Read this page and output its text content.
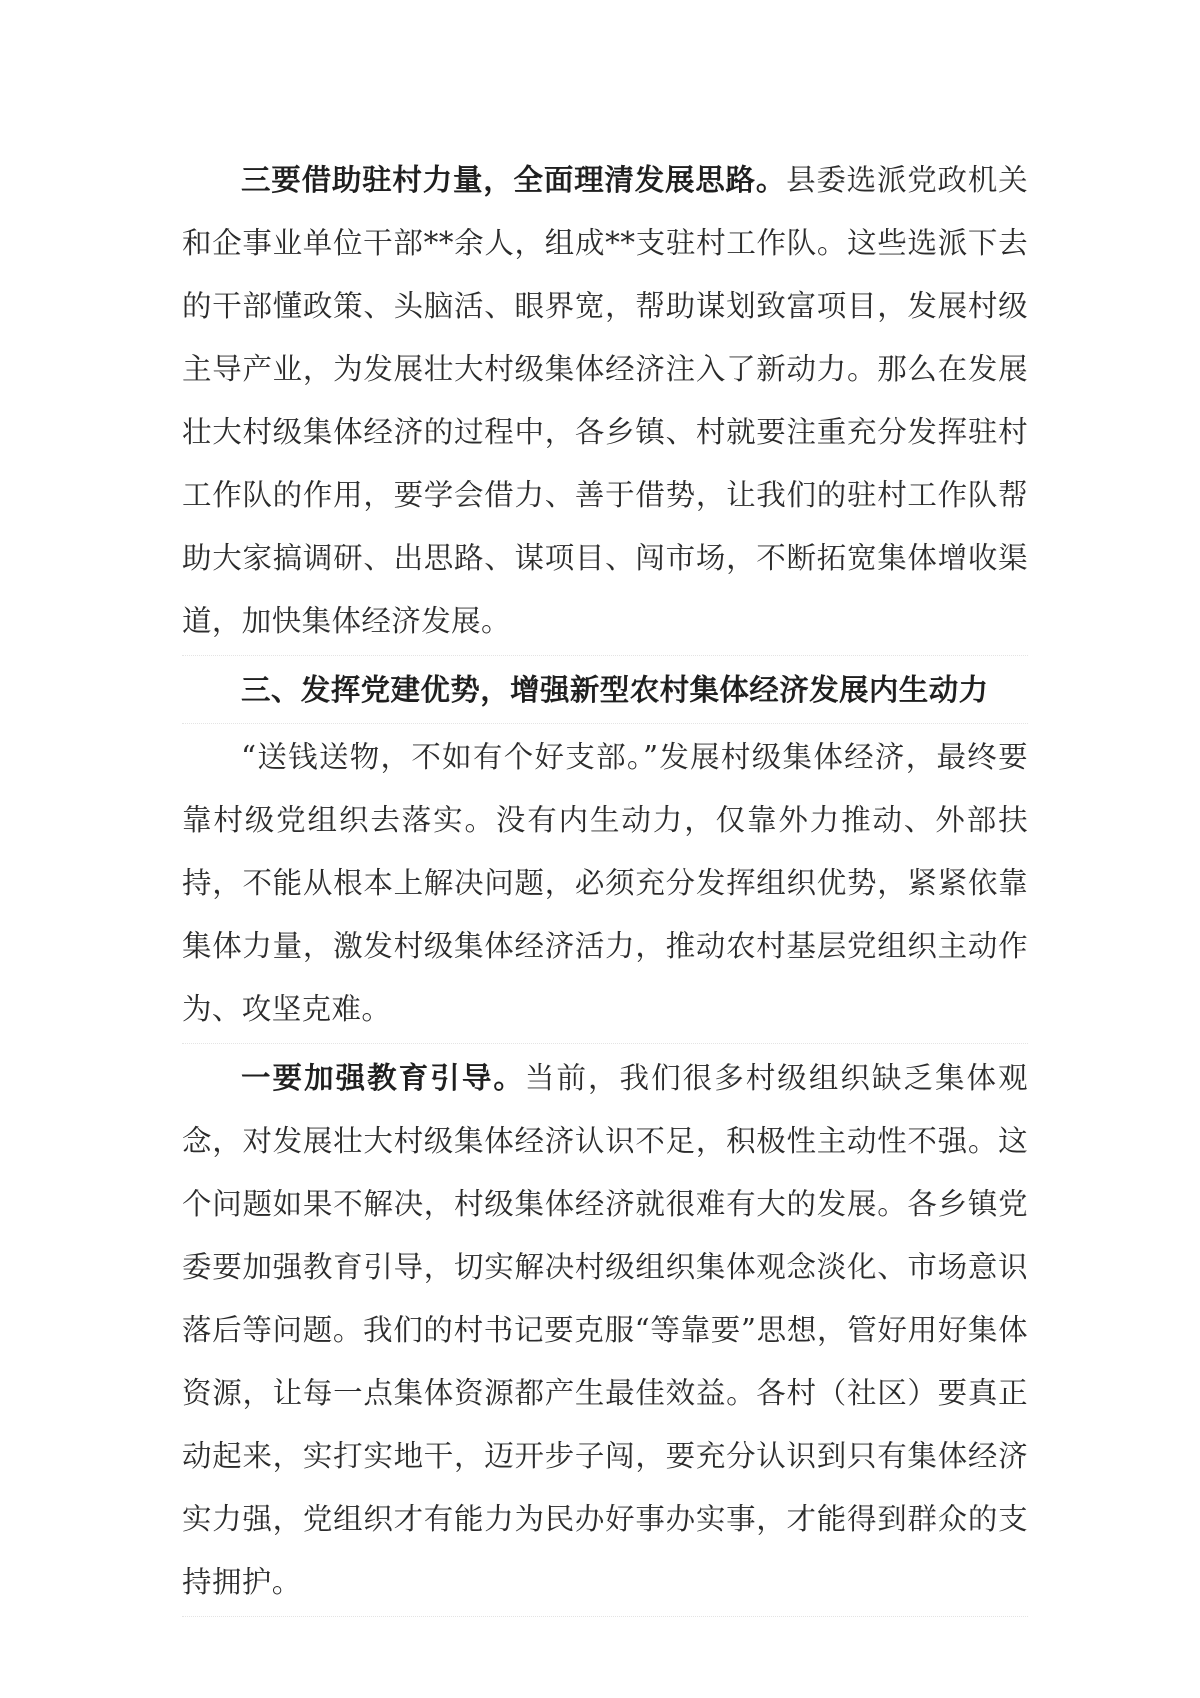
三要借助驻村力量，全面理清发展思路。县委选派党政机关和企事业单位干部**余人，组成**支驻村工作队。这些选派下去的干部懂政策、头脑活、眼界宽，帮助谋划致富项目，发展村级主导产业，为发展壮大村级集体经济注入了新动力。那么在发展壮大村级集体经济的过程中，各乡镇、村就要注重充分发挥驻村工作队的作用，要学会借力、善于借势，让我们的驻村工作队帮助大家搞调研、出思路、谋项目、闯市场，不断拓宽集体增收渠道，加快集体经济发展。

三、发挥党建优势，增强新型农村集体经济发展内生动力

“送钱送物，不如有个好支部。”发展村级集体经济，最终要靠村级党组织去落实。没有内生动力，仅靠外力推动、外部扶持，不能从根本上解决问题，必须充分发挥组织优势，紧紧依靠集体力量，激发村级集体经济活力，推动农村基层党组织主动作为、攻坚克难。

一要加强教育引导。当前，我们很多村级组织缺乏集体观念，对发展壮大村级集体经济认识不足，积极性主动性不强。这个问题如果不解决，村级集体经济就很难有大的发展。各乡镇党委要加强教育引导，切实解决村级组织集体观念淡化、市场意识落后等问题。我们的村书记要克服“等靠要”思想，管好用好集体资源，让每一点集体资源都产生最佳效益。各村（社区）要真正动起来，实打实地干，迈开步子闯，要充分认识到只有集体经济实力强，党组织才有能力为民办好事办实事，才能得到群众的支持拥护。
